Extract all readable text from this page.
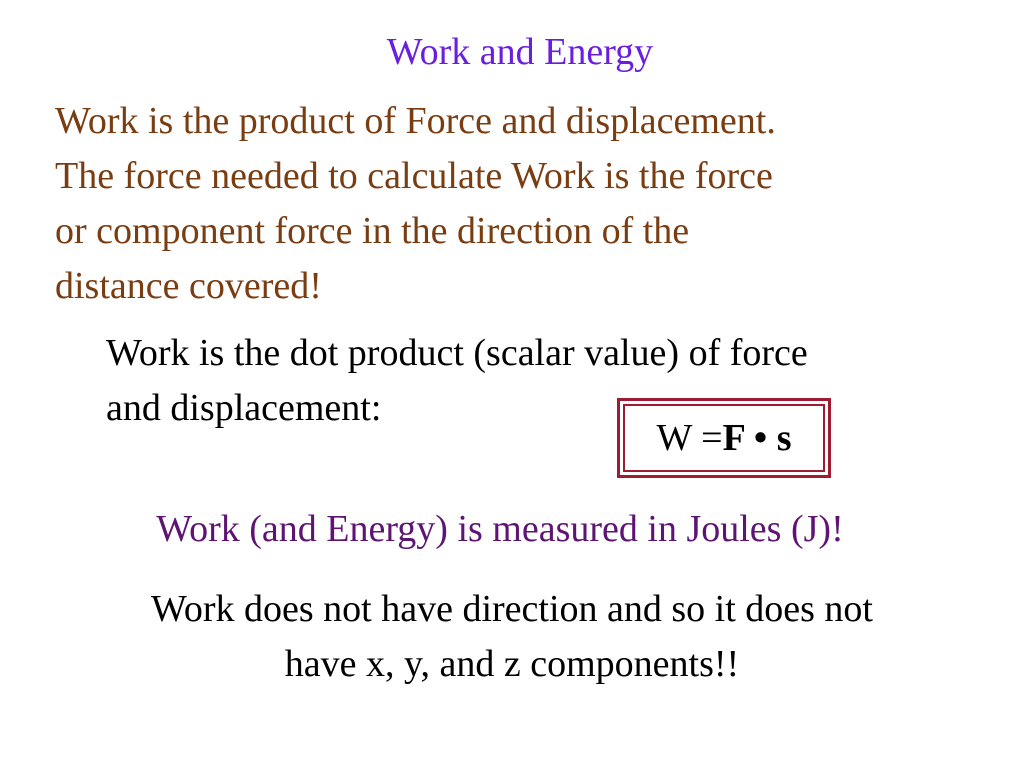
Work and Energy
Work is the product of Force and displacement.
The force needed to calculate Work is the force
or component force in the direction of the
distance covered!
Work is the dot product (scalar value) of force
and displacement:
W = F • s
Work (and Energy) is measured in Joules (J)!
Work does not have direction and so it does not
have x, y, and z components!!
